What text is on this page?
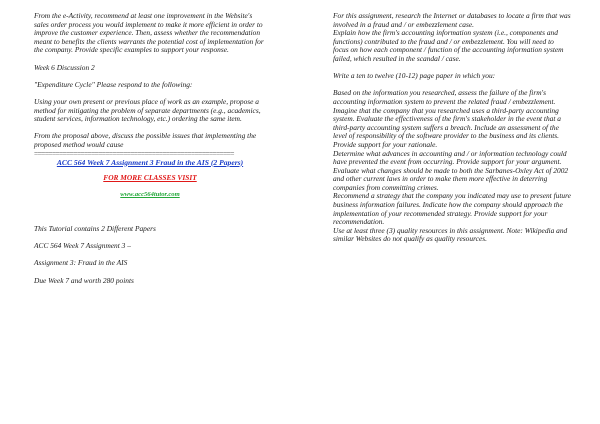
From the e-Activity, recommend at least one improvement in the Website's sales order process you would implement to make it more efficient in order to improve the customer experience. Then, assess whether the recommendation meant to benefits the clients warrants the potential cost of implementation for the company. Provide specific examples to support your response.

Week 6 Discussion 2

"Expenditure Cycle" Please respond to the following:

Using your own present or previous place of work as an example, propose a method for mitigating the problem of separate departments (e.g., academics, student services, information technology, etc.) ordering the same item.

From the proposal above, discuss the possible issues that implementing the proposed method would cause

========================================================
ACC 564 Week 7 Assignment 3 Fraud in the AIS (2 Papers)
FOR MORE CLASSES VISIT
www.acc564tutor.com

This Tutorial contains 2 Different Papers

ACC 564 Week 7 Assignment 3 –

Assignment 3: Fraud in the AIS

Due Week 7 and worth 280 points

For this assignment, research the Internet or databases to locate a firm that was involved in a fraud and / or embezzlement case.

Explain how the firm's accounting information system (i.e., components and functions) contributed to the fraud and / or embezzlement. You will need to focus on how each component / function of the accounting information system failed, which resulted in the scandal / case.

Write a ten to twelve (10-12) page paper in which you:

Based on the information you researched, assess the failure of the firm's accounting information system to prevent the related fraud / embezzlement.

Imagine that the company that you researched uses a third-party accounting system. Evaluate the effectiveness of the firm's stakeholder in the event that a third-party accounting system suffers a breach. Include an assessment of the level of responsibility of the software provider to the business and its clients. Provide support for your rationale.

Determine what advances in accounting and / or information technology could have prevented the event from occurring. Provide support for your argument.

Evaluate what changes should be made to both the Sarbanes-Oxley Act of 2002 and other current laws in order to make them more effective in deterring companies from committing crimes.

Recommend a strategy that the company you indicated may use to present future business information failures. Indicate how the company should approach the implementation of your recommended strategy. Provide support for your recommendation.

Use at least three (3) quality resources in this assignment. Note: Wikipedia and similar Websites do not qualify as quality resources.
